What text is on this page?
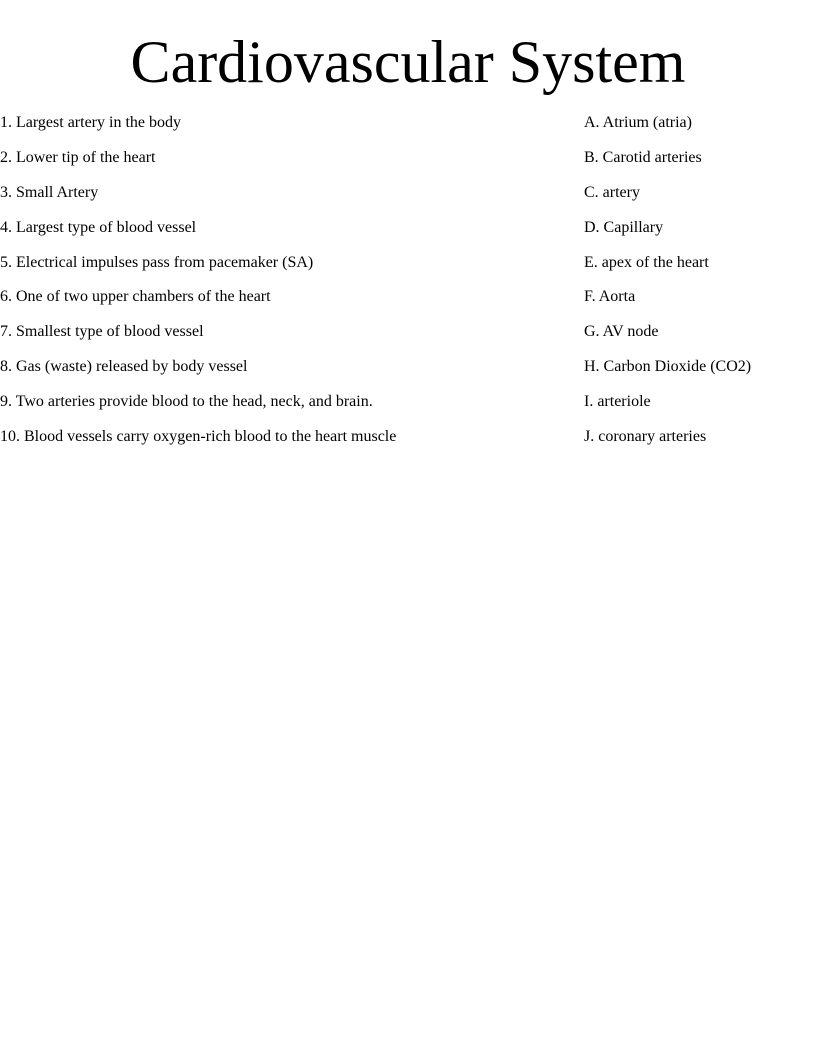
Cardiovascular System
1. Largest artery in the body
2. Lower tip of the heart
3. Small Artery
4. Largest type of blood vessel
5. Electrical impulses pass from pacemaker (SA)
6. One of two upper chambers of the heart
7. Smallest type of blood vessel
8. Gas (waste) released by body vessel
9. Two arteries provide blood to the head, neck, and brain.
10. Blood vessels carry oxygen-rich blood to the heart muscle
A. Atrium (atria)
B. Carotid arteries
C. artery
D. Capillary
E. apex of the heart
F. Aorta
G. AV node
H. Carbon Dioxide (CO2)
I. arteriole
J. coronary arteries
